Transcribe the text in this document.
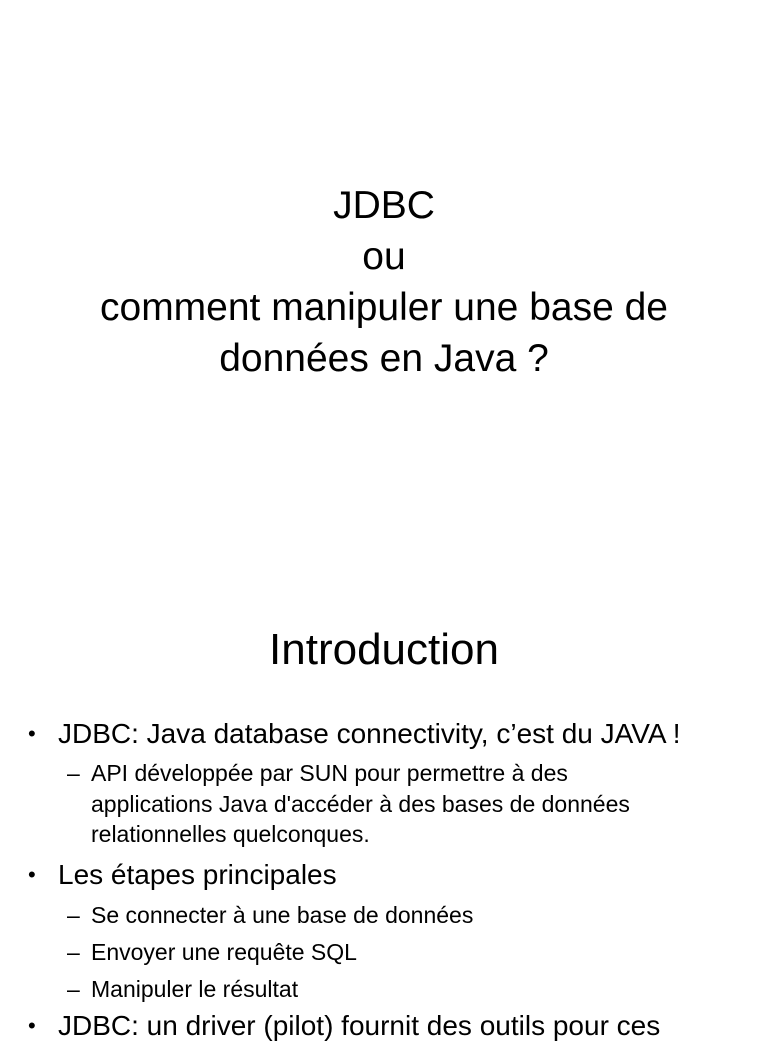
JDBC
ou
comment manipuler une base de
données en Java ?
Introduction
• JDBC: Java database connectivity, c’est du JAVA !
– API développée par SUN pour permettre à des
applications Java d'accéder à des bases de données
relationnelles quelconques.
• Les étapes principales
– Se connecter à une base de données
– Envoyer une requête SQL
– Manipuler le résultat
• JDBC: un driver (pilot) fournit des outils pour ces
